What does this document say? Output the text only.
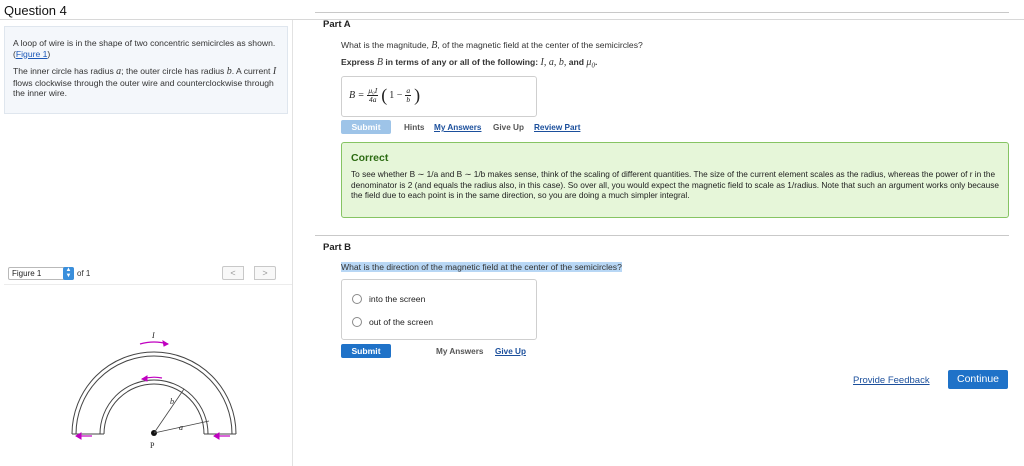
Question 4

A loop of wire is in the shape of two concentric semicircles as shown. (Figure 1)

The inner circle has radius a; the outer circle has radius b. A current I flows clockwise through the outer wire and counterclockwise through the inner wire.

Figure 1	▲
▼ of 1	<	>
I
b
a
P
Part A
What is the magnitude, B, of the magnetic field at the center of the semicircles?
Express B in terms of any or all of the following: I, a, b, and $\mu_0$.
$B = \frac{\text{μ₀I}}{4a}$ ( $1 - \frac{a}{b}$ )
Submit	Hints My Answers Give Up Review Part
Correct
To see whether B ∼ 1/a and B ∼ 1/b makes sense, think of the scaling of different quantities. The size of the current element scales as the radius, whereas the power of r in the denominator is 2 (and equals the radius also, in this case). So over all, you would expect the magnetic field to scale as 1/radius. Note that such an argument works only because the field due to each point is in the same direction, so you are doing a much simpler integral.
Part B
What is the direction of the magnetic field at the center of the semicircles?
into the screen
out of the screen
Submit	My Answers Give Up
Provide Feedback	Continue
